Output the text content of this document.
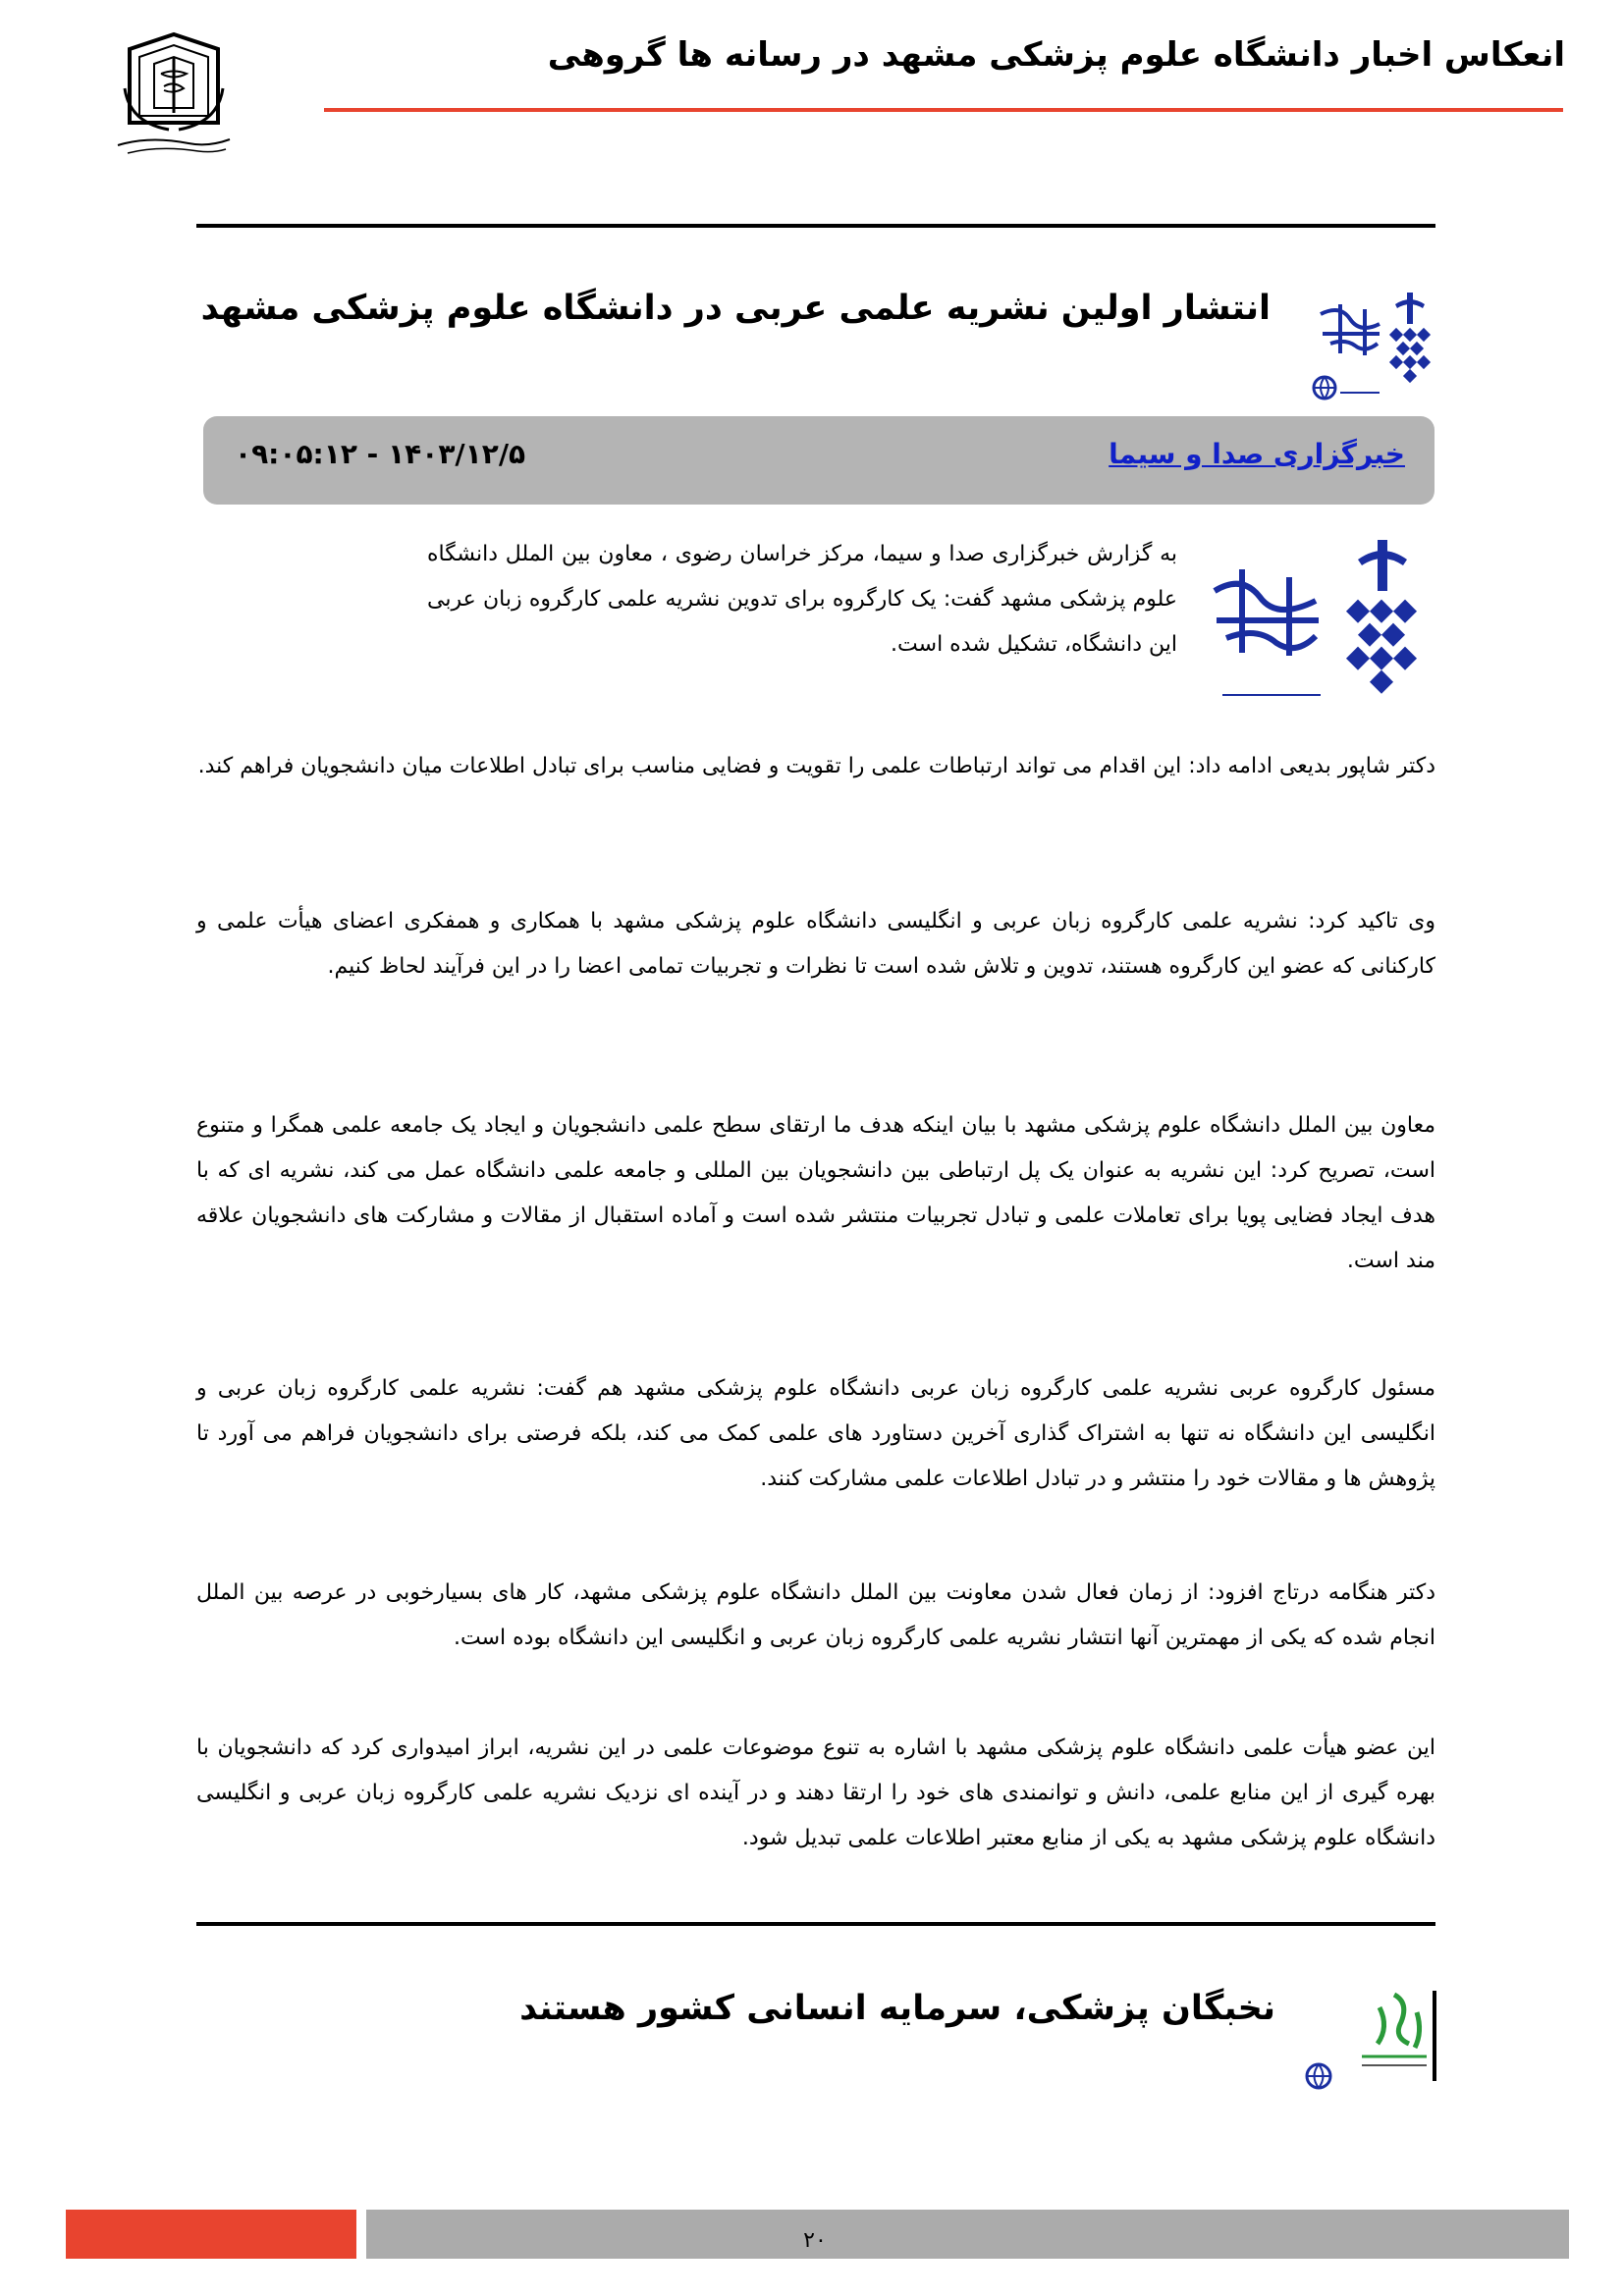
انعکاس اخبار دانشگاه علوم پزشکی مشهد در رسانه ها گروهی
انتشار اولین نشریه علمی عربی در دانشگاه علوم پزشکی مشهد
خبرگزاری صدا و سیما
۱۴۰۳/۱۲/۵ - ۰۹:۰۵:۱۲
به گزارش خبرگزاری صدا و سیما، مرکز خراسان رضوی ، معاون بین الملل دانشگاه علوم پزشکی مشهد گفت: یک کارگروه برای تدوین نشریه علمی کارگروه زبان عربی این دانشگاه، تشکیل شده است.
دکتر شاپور بدیعی ادامه داد: این اقدام می تواند ارتباطات علمی را تقویت و فضایی مناسب برای تبادل اطلاعات میان دانشجویان فراهم کند.
وی تاکید کرد: نشریه علمی کارگروه زبان عربی و انگلیسی دانشگاه علوم پزشکی مشهد با همکاری و همفکری اعضای هیأت علمی و کارکنانی که عضو این کارگروه هستند، تدوین و تلاش شده است تا نظرات و تجربیات تمامی اعضا را در این فرآیند لحاظ کنیم.
معاون بین الملل دانشگاه علوم پزشکی مشهد با بیان اینکه هدف ما ارتقای سطح علمی دانشجویان و ایجاد یک جامعه علمی همگرا و متنوع است، تصریح کرد: این نشریه به عنوان یک پل ارتباطی بین دانشجویان بین المللی و جامعه علمی دانشگاه عمل می کند، نشریه ای که با هدف ایجاد فضایی پویا برای تعاملات علمی و تبادل تجربیات منتشر شده است و آماده استقبال از مقالات و مشارکت های دانشجویان علاقه مند است.
مسئول کارگروه عربی نشریه علمی کارگروه زبان عربی دانشگاه علوم پزشکی مشهد هم گفت: نشریه علمی کارگروه زبان عربی و انگلیسی این دانشگاه نه تنها به اشتراک گذاری آخرین دستاورد های علمی کمک می کند، بلکه فرصتی برای دانشجویان فراهم می آورد تا پژوهش ها و مقالات خود را منتشر و در تبادل اطلاعات علمی مشارکت کنند.
دکتر هنگامه درتاج افزود: از زمان فعال شدن معاونت بین الملل دانشگاه علوم پزشکی مشهد، کار های بسیارخوبی در عرصه بین الملل انجام شده که یکی از مهمترین آنها انتشار نشریه علمی کارگروه زبان عربی و انگلیسی این دانشگاه بوده است.
این عضو هیأت علمی دانشگاه علوم پزشکی مشهد با اشاره به تنوع موضوعات علمی در این نشریه، ابراز امیدواری کرد که دانشجویان با بهره گیری از این منابع علمی، دانش و توانمندی های خود را ارتقا دهند و در آینده ای نزدیک نشریه علمی کارگروه زبان عربی و انگلیسی دانشگاه علوم پزشکی مشهد به یکی از منابع معتبر اطلاعات علمی تبدیل شود.
نخبگان پزشکی، سرمایه انسانی کشور هستند
۲۰
